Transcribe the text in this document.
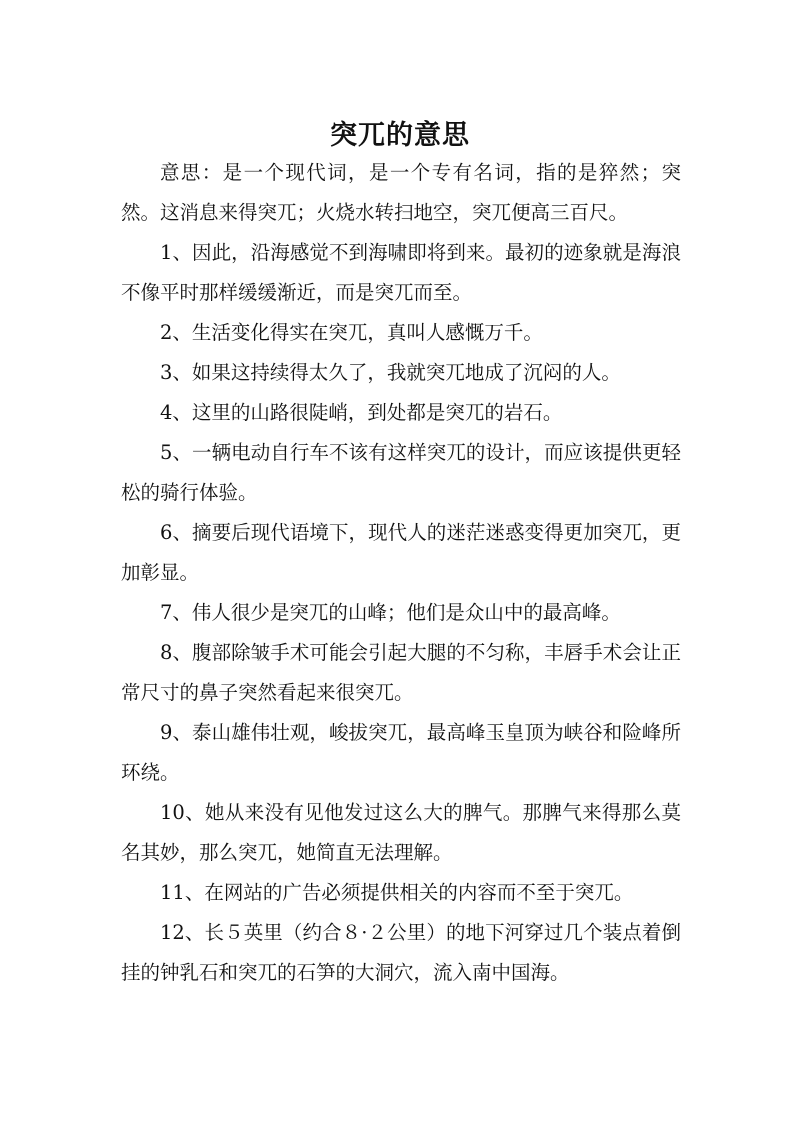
突兀的意思

意思：是一个现代词，是一个专有名词，指的是猝然；突然。这消息来得突兀；火烧水转扫地空，突兀便高三百尺。

1、因此，沿海感觉不到海啸即将到来。最初的迹象就是海浪不像平时那样缓缓渐近，而是突兀而至。

2、生活变化得实在突兀，真叫人感慨万千。

3、如果这持续得太久了，我就突兀地成了沉闷的人。

4、这里的山路很陡峭，到处都是突兀的岩石。

5、一辆电动自行车不该有这样突兀的设计，而应该提供更轻松的骑行体验。

6、摘要后现代语境下，现代人的迷茫迷惑变得更加突兀，更加彰显。

7、伟人很少是突兀的山峰；他们是众山中的最高峰。

8、腹部除皱手术可能会引起大腿的不匀称，丰唇手术会让正常尺寸的鼻子突然看起来很突兀。

9、泰山雄伟壮观，峻拔突兀，最高峰玉皇顶为峡谷和险峰所环绕。

10、她从来没有见他发过这么大的脾气。那脾气来得那么莫名其妙，那么突兀，她简直无法理解。

11、在网站的广告必须提供相关的内容而不至于突兀。

12、长５英里（约合８·２公里）的地下河穿过几个装点着倒挂的钟乳石和突兀的石笋的大洞穴，流入南中国海。
